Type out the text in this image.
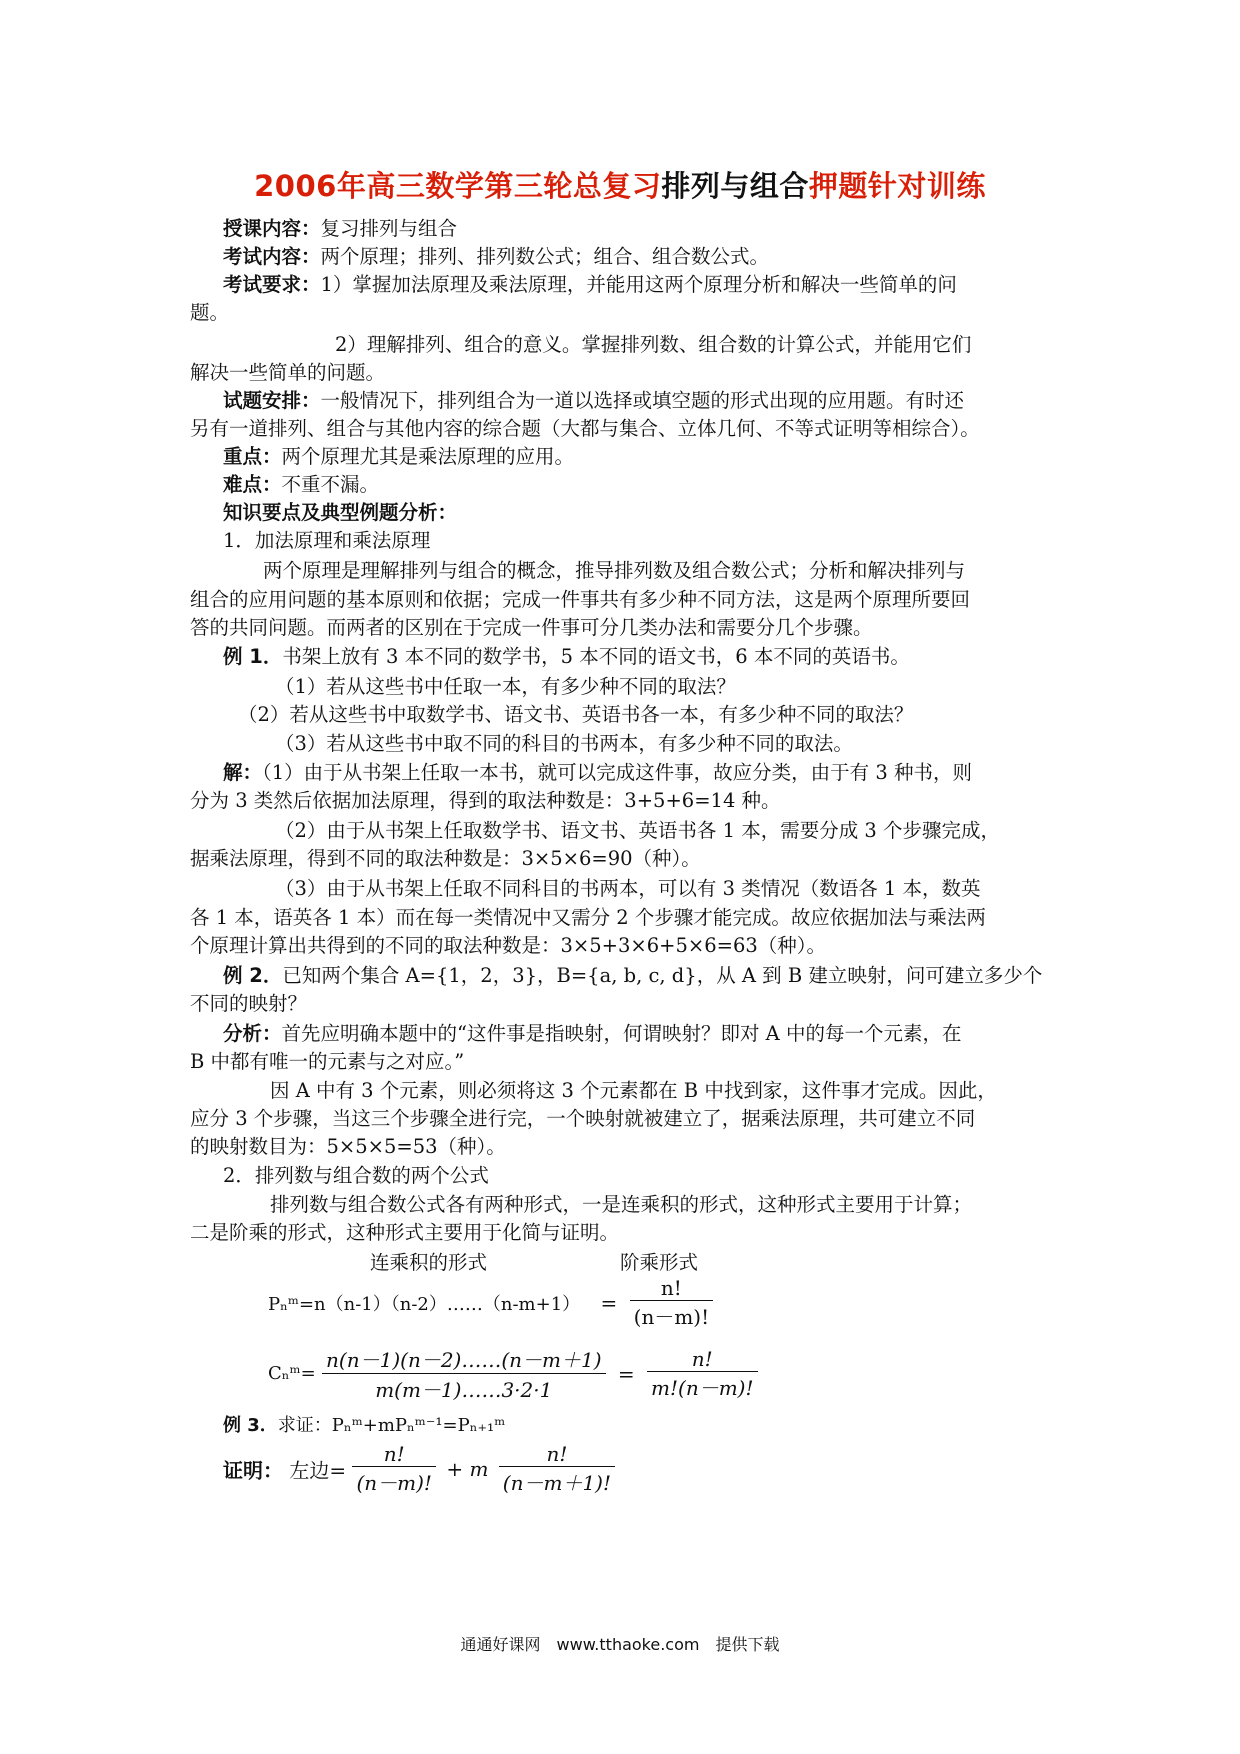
2006年高三数学第三轮总复习排列与组合押题针对训练
授课内容：复习排列与组合
考试内容：两个原理；排列、排列数公式；组合、组合数公式。
考试要求：1）掌握加法原理及乘法原理，并能用这两个原理分析和解决一些简单的问
题。
2）理解排列、组合的意义。掌握排列数、组合数的计算公式，并能用它们
解决一些简单的问题。
试题安排：一般情况下，排列组合为一道以选择或填空题的形式出现的应用题。有时还
另有一道排列、组合与其他内容的综合题（大都与集合、立体几何、不等式证明等相综合）。
重点：两个原理尤其是乘法原理的应用。
难点：不重不漏。
知识要点及典型例题分析：
1．加法原理和乘法原理
两个原理是理解排列与组合的概念，推导排列数及组合数公式；分析和解决排列与
组合的应用问题的基本原则和依据；完成一件事共有多少种不同方法，这是两个原理所要回
答的共同问题。而两者的区别在于完成一件事可分几类办法和需要分几个步骤。
例 1．书架上放有 3 本不同的数学书，5 本不同的语文书，6 本不同的英语书。
（1）若从这些书中任取一本，有多少种不同的取法？
（2）若从这些书中取数学书、语文书、英语书各一本，有多少种不同的取法？
（3）若从这些书中取不同的科目的书两本，有多少种不同的取法。
解：（1）由于从书架上任取一本书，就可以完成这件事，故应分类，由于有 3 种书，则
分为 3 类然后依据加法原理，得到的取法种数是：3+5+6=14 种。
（2）由于从书架上任取数学书、语文书、英语书各 1 本，需要分成 3 个步骤完成，
据乘法原理，得到不同的取法种数是：3×5×6=90（种）。
（3）由于从书架上任取不同科目的书两本，可以有 3 类情况（数语各 1 本，数英
各 1 本，语英各 1 本）而在每一类情况中又需分 2 个步骤才能完成。故应依据加法与乘法两
个原理计算出共得到的不同的取法种数是：3×5+3×6+5×6=63（种）。
例 2．已知两个集合 A={1，2，3}，B={a, b, c, d}，从 A 到 B 建立映射，问可建立多少个
不同的映射？
分析：首先应明确本题中的“这件事是指映射，何谓映射？即对 A 中的每一个元素，在
B 中都有唯一的元素与之对应。”
因 A 中有 3 个元素，则必须将这 3 个元素都在 B 中找到家，这件事才完成。因此，
应分 3 个步骤，当这三个步骤全进行完，一个映射就被建立了，据乘法原理，共可建立不同
的映射数目为：5×5×5=53（种）。
2．排列数与组合数的两个公式
排列数与组合数公式各有两种形式，一是连乘积的形式，这种形式主要用于计算；
二是阶乘的形式，这种形式主要用于化简与证明。
连乘积的形式	阶乘形式
Pₙᵐ=n（n-1）（n-2）……（n-m+1） = $\frac{n!}{(n-m)!}$
Cₙᵐ= $\frac{n(n-1)(n-2)\dots\dots(n-m+1)}{m(m-1)\dots\dots 3\cdot 2\cdot 1} = \frac{n!}{m!(n-m)!}$
例 3．求证：Pₙᵐ+mPₙᵐ⁻¹=Pₙ₊₁ᵐ
证明： 左边= $\frac{n!}{(n-m)!} + m \frac{n!}{(n-m+1)!}$
通通好课网　www.tthaoke.com　提供下载
